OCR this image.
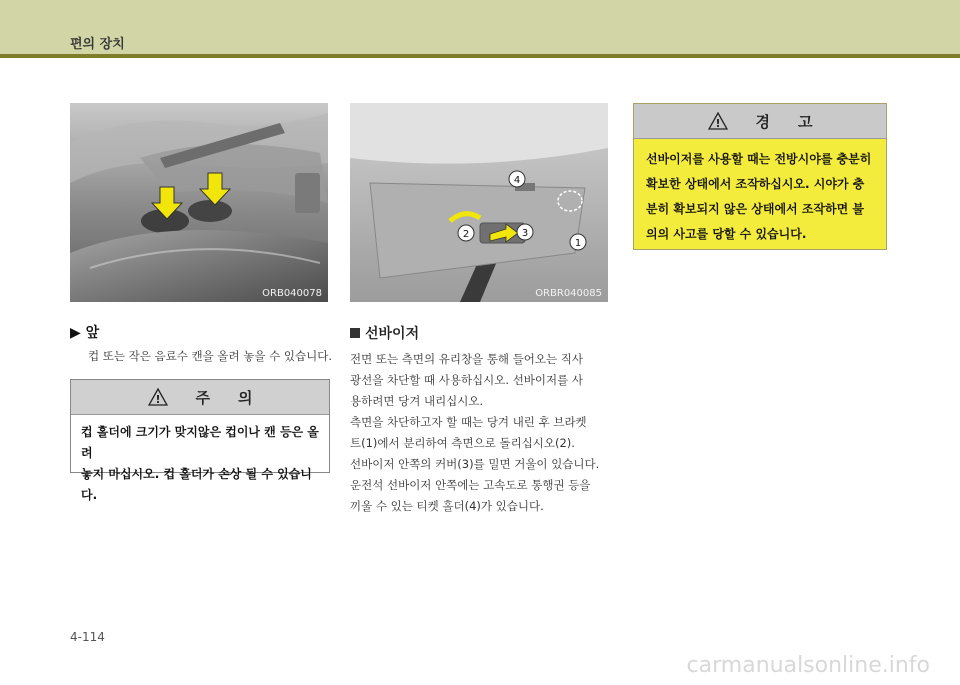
편의 장치
ORB040078
1
2	3
4
ORBR040085
▶ 앞
컵 또는 작은 음료수 캔을 올려 놓을 수 있습니다.
! 주 의
컵 홀더에 크기가 맞지않은 컵이나 캔 등은 올려
놓지 마십시오. 컵 홀더가 손상 될 수 있습니다.
선바이저

전면 또는 측면의 유리창을 통해 들어오는 직사

광선을 차단할 때 사용하십시오. 선바이저를 사

용하려면 당겨 내리십시오.

측면을 차단하고자 할 때는 당겨 내린 후 브라켓

트(1)에서 분리하여 측면으로 돌리십시오(2).

선바이저 안쪽의 커버(3)를 밀면 거울이 있습니다.

운전석 선바이저 안쪽에는 고속도로 통행권 등을

끼울 수 있는 티켓 홀더(4)가 있습니다.

! 경 고
선바이저를 사용할 때는 전방시야를 충분히
확보한 상태에서 조작하십시오. 시야가 충
분히 확보되지 않은 상태에서 조작하면 불
의의 사고를 당할 수 있습니다.
4-114
carmanualsonline.info
